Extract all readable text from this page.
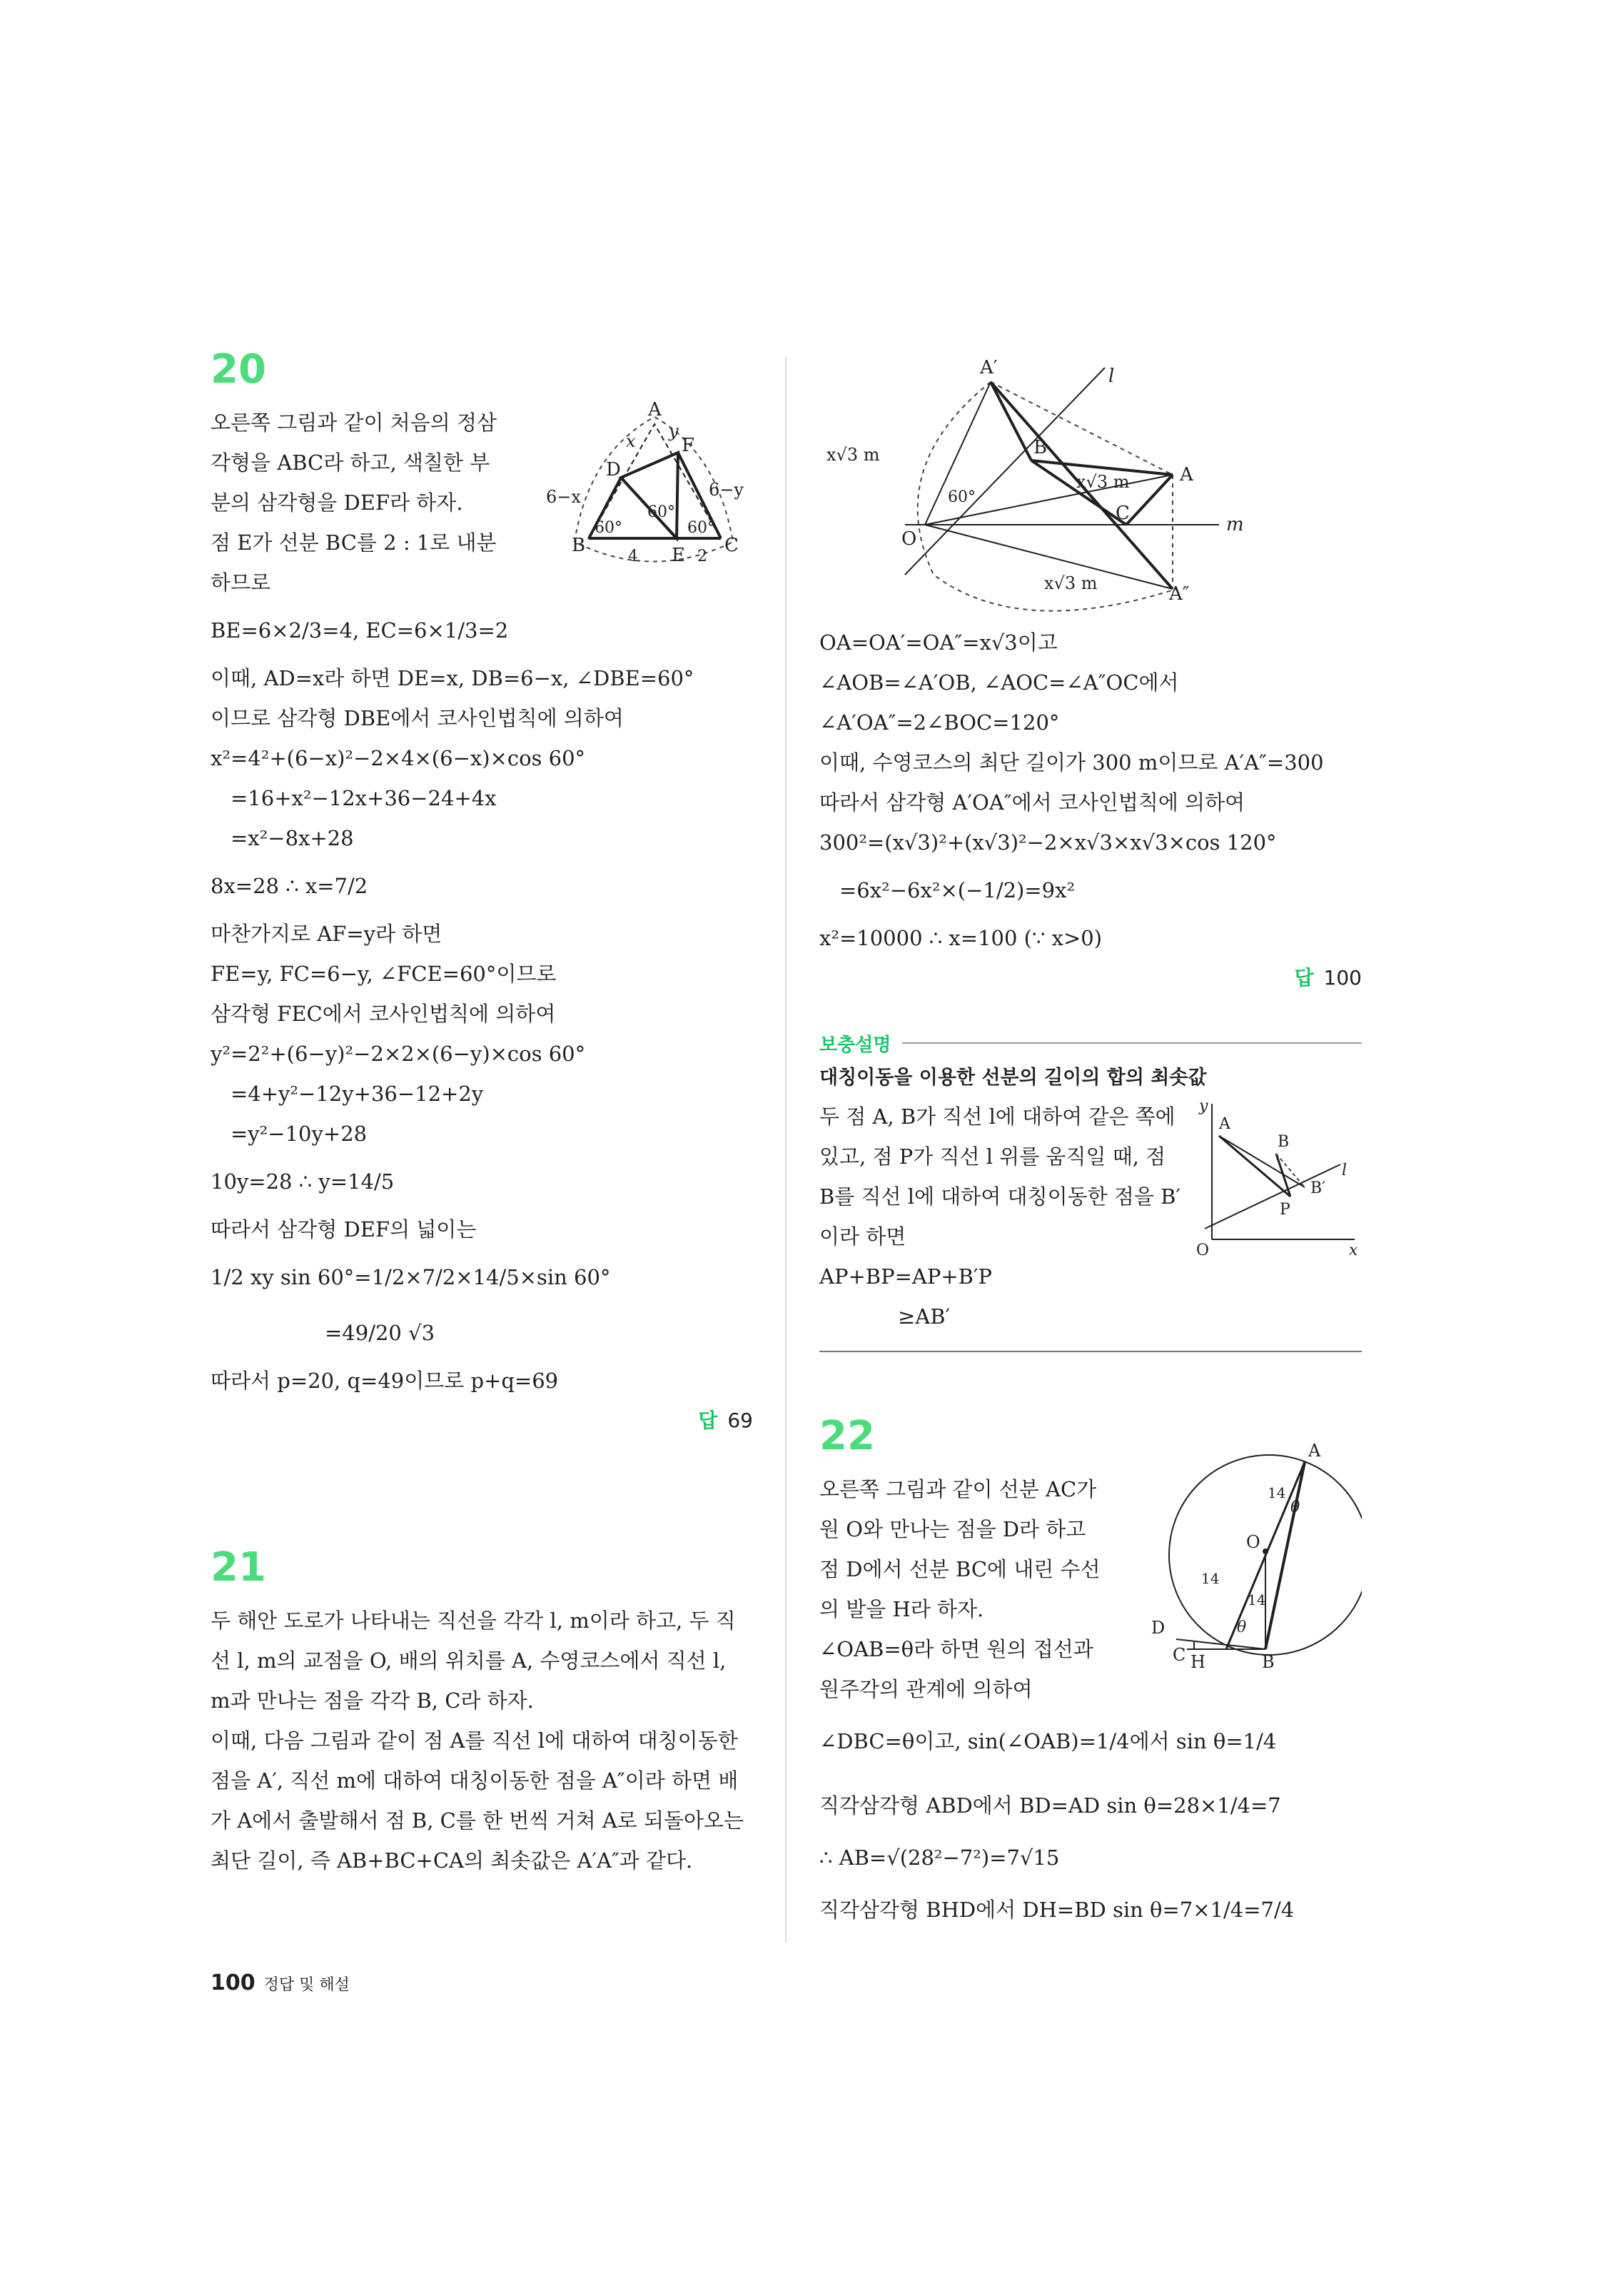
20
오른쪽 그림과 같이 처음의 정삼
각형을 ABC라 하고, 색칠한 부
분의 삼각형을 DEF라 하자.
점 E가 선분 BC를 2 : 1로 내분
하므로
A
B	C
D
E
F
x y
6−x	6−y
60°
60°
60°
4	2
BE=6×2/3=4, EC=6×1/3=2
이때, AD=x라 하면 DE=x, DB=6−x, ∠DBE=60°
이므로 삼각형 DBE에서 코사인법칙에 의하여
x²=4²+(6−x)²−2×4×(6−x)×cos 60°
=16+x²−12x+36−24+4x
=x²−8x+28
8x=28 ∴ x=7/2
마찬가지로 AF=y라 하면
FE=y, FC=6−y, ∠FCE=60°이므로
삼각형 FEC에서 코사인법칙에 의하여
y²=2²+(6−y)²−2×2×(6−y)×cos 60°
=4+y²−12y+36−12+2y
=y²−10y+28
10y=28 ∴ y=14/5
따라서 삼각형 DEF의 넓이는
1/2 xy sin 60°=1/2×7/2×14/5×sin 60°
=49/20 √3
따라서 p=20, q=49이므로 p+q=69
답 69
21
두 해안 도로가 나타내는 직선을 각각 l, m이라 하고, 두 직
선 l, m의 교점을 O, 배의 위치를 A, 수영코스에서 직선 l,
m과 만나는 점을 각각 B, C라 하자.
이때, 다음 그림과 같이 점 A를 직선 l에 대하여 대칭이동한
점을 A′, 직선 m에 대하여 대칭이동한 점을 A″이라 하면 배
가 A에서 출발해서 점 B, C를 한 번씩 거쳐 A로 되돌아오는
최단 길이, 즉 AB+BC+CA의 최솟값은 A′A″과 같다.
A′
A″
A
B
C
O
l
m
x√3 m
x√3 m
x√3 m
60°
OA=OA′=OA″=x√3이고
∠AOB=∠A′OB, ∠AOC=∠A″OC에서
∠A′OA″=2∠BOC=120°
이때, 수영코스의 최단 길이가 300 m이므로 A′A″=300
따라서 삼각형 A′OA″에서 코사인법칙에 의하여
300²=(x√3)²+(x√3)²−2×x√3×x√3×cos 120°
=6x²−6x²×(−1/2)=9x²
x²=10000 ∴ x=100 (∵ x>0)
답 100
보충설명
대칭이동을 이용한 선분의 길이의 합의 최솟값
두 점 A, B가 직선 l에 대하여 같은 쪽에
있고, 점 P가 직선 l 위를 움직일 때, 점
B를 직선 l에 대하여 대칭이동한 점을 B′
이라 하면
AP+BP=AP+B′P
≥AB′
A
B
B′
P
O	x
y
l
22
오른쪽 그림과 같이 선분 AC가
원 O와 만나는 점을 D라 하고
점 D에서 선분 BC에 내린 수선
의 발을 H라 하자.
∠OAB=θ라 하면 원의 접선과
원주각의 관계에 의하여
A
B
C
D
H
O
14
14
14
θ
θ
∠DBC=θ이고, sin(∠OAB)=1/4에서 sin θ=1/4
직각삼각형 ABD에서 BD=AD sin θ=28×1/4=7
∴ AB=√(28²−7²)=7√15
직각삼각형 BHD에서 DH=BD sin θ=7×1/4=7/4
100 정답 및 해설
